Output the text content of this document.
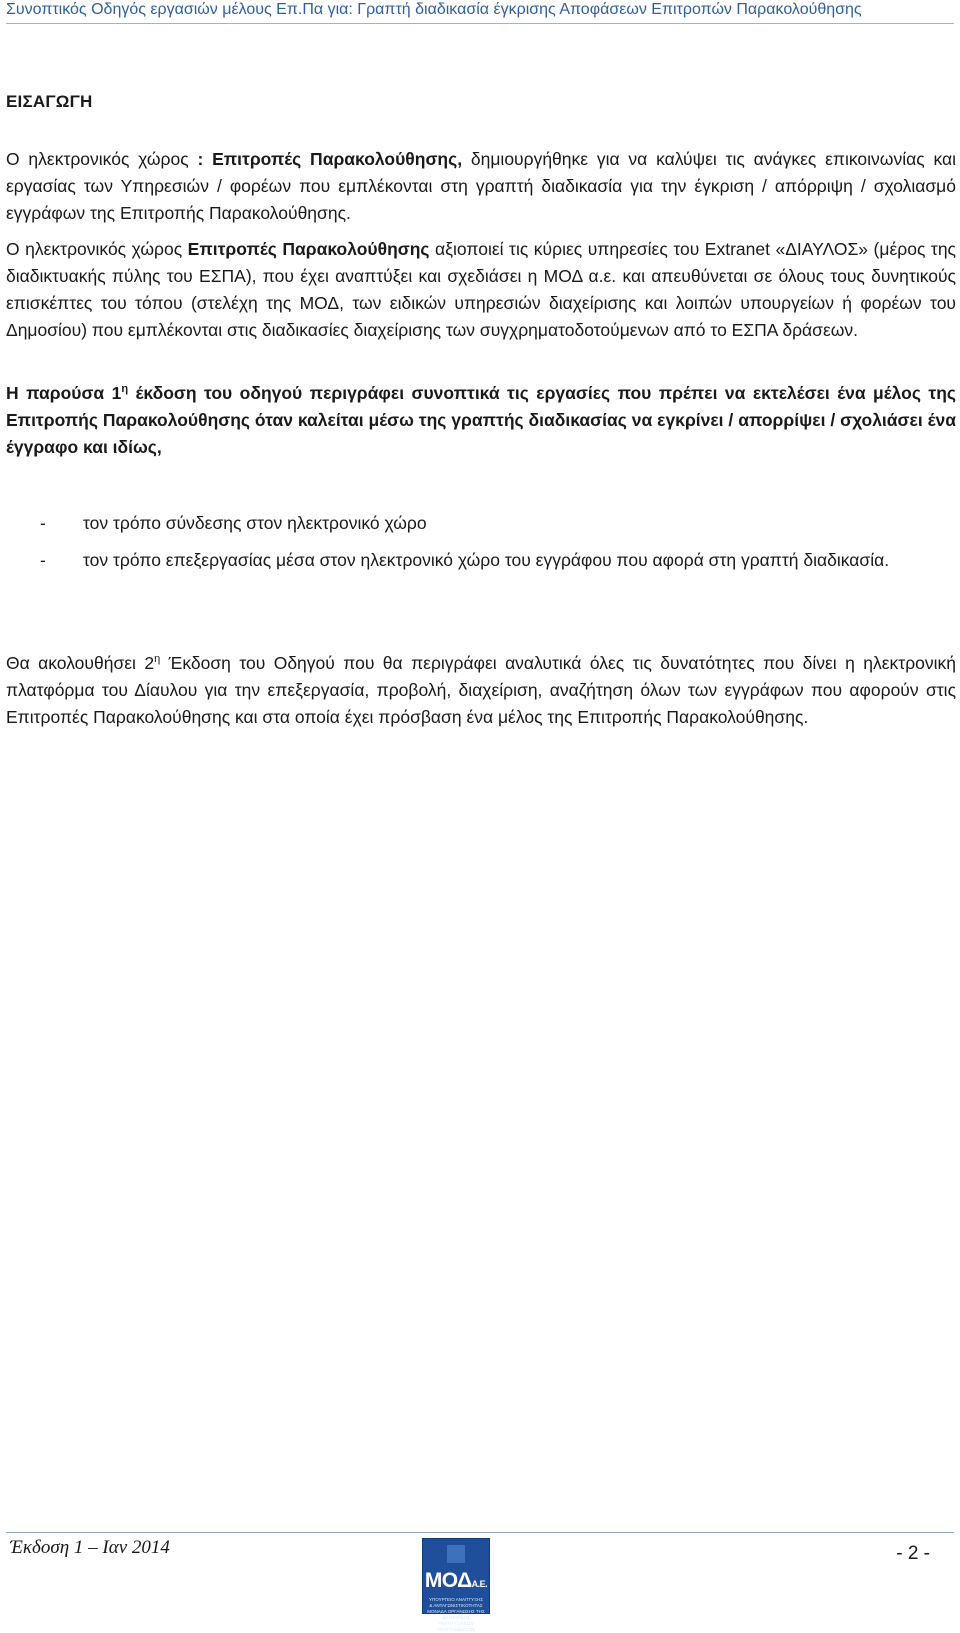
Συνοπτικός Οδηγός εργασιών μέλους Επ.Πα για: Γραπτή διαδικασία έγκρισης Αποφάσεων Επιτροπών Παρακολούθησης
ΕΙΣΑΓΩΓΗ
Ο ηλεκτρονικός χώρος : Επιτροπές Παρακολούθησης, δημιουργήθηκε για να καλύψει τις ανάγκες επικοινωνίας και εργασίας των Υπηρεσιών / φορέων που εμπλέκονται στη γραπτή διαδικασία για την έγκριση / απόρριψη / σχολιασμό εγγράφων της Επιτροπής Παρακολούθησης.
Ο ηλεκτρονικός χώρος Επιτροπές Παρακολούθησης αξιοποιεί τις κύριες υπηρεσίες του Extranet «ΔΙΑΥΛΟΣ» (μέρος της διαδικτυακής πύλης του ΕΣΠΑ), που έχει αναπτύξει και σχεδιάσει η ΜΟΔ α.ε. και απευθύνεται σε όλους τους δυνητικούς επισκέπτες του τόπου (στελέχη της ΜΟΔ, των ειδικών υπηρεσιών διαχείρισης και λοιπών υπουργείων ή φορέων του Δημοσίου) που εμπλέκονται στις διαδικασίες διαχείρισης των συγχρηματοδοτούμενων από το ΕΣΠΑ δράσεων.
Η παρούσα $1^\eta$ έκδοση του οδηγού περιγράφει συνοπτικά τις εργασίες που πρέπει να εκτελέσει ένα μέλος της Επιτροπής Παρακολούθησης όταν καλείται μέσω της γραπτής διαδικασίας να εγκρίνει / απορρίψει / σχολιάσει ένα έγγραφο και ιδίως,
- τον τρόπο σύνδεσης στον ηλεκτρονικό χώρο
- τον τρόπο επεξεργασίας μέσα στον ηλεκτρονικό χώρο του εγγράφου που αφορά στη γραπτή διαδικασία.
Θα ακολουθήσει $2^\eta$ Έκδοση του Οδηγού που θα περιγράφει αναλυτικά όλες τις δυνατότητες που δίνει η ηλεκτρονική πλατφόρμα του Δίαυλου για την επεξεργασία, προβολή, διαχείριση, αναζήτηση όλων των εγγράφων που αφορούν στις Επιτροπές Παρακολούθησης και στα οποία έχει πρόσβαση ένα μέλος της Επιτροπής Παρακολούθησης.
Έκδοση 1 – Ιαν 2014	- 2 -
ΜΟΔΑ.Ε.
ΥΠΟΥΡΓΕΙΟ ΑΝΑΠΤΥΞΗΣ & ΑΝΤΑΓΩΝΙΣΤΙΚΟΤΗΤΑΣ ΜΟΝΑΔΑ ΟΡΓΑΝΩΣΗΣ ΤΗΣ ΔΙΑΧΕΙΡΙΣΗΣ ΑΝΑΠΤΥΞΙΑΚΩΝ ΠΡΟΓΡΑΜΜΑΤΩΝ
